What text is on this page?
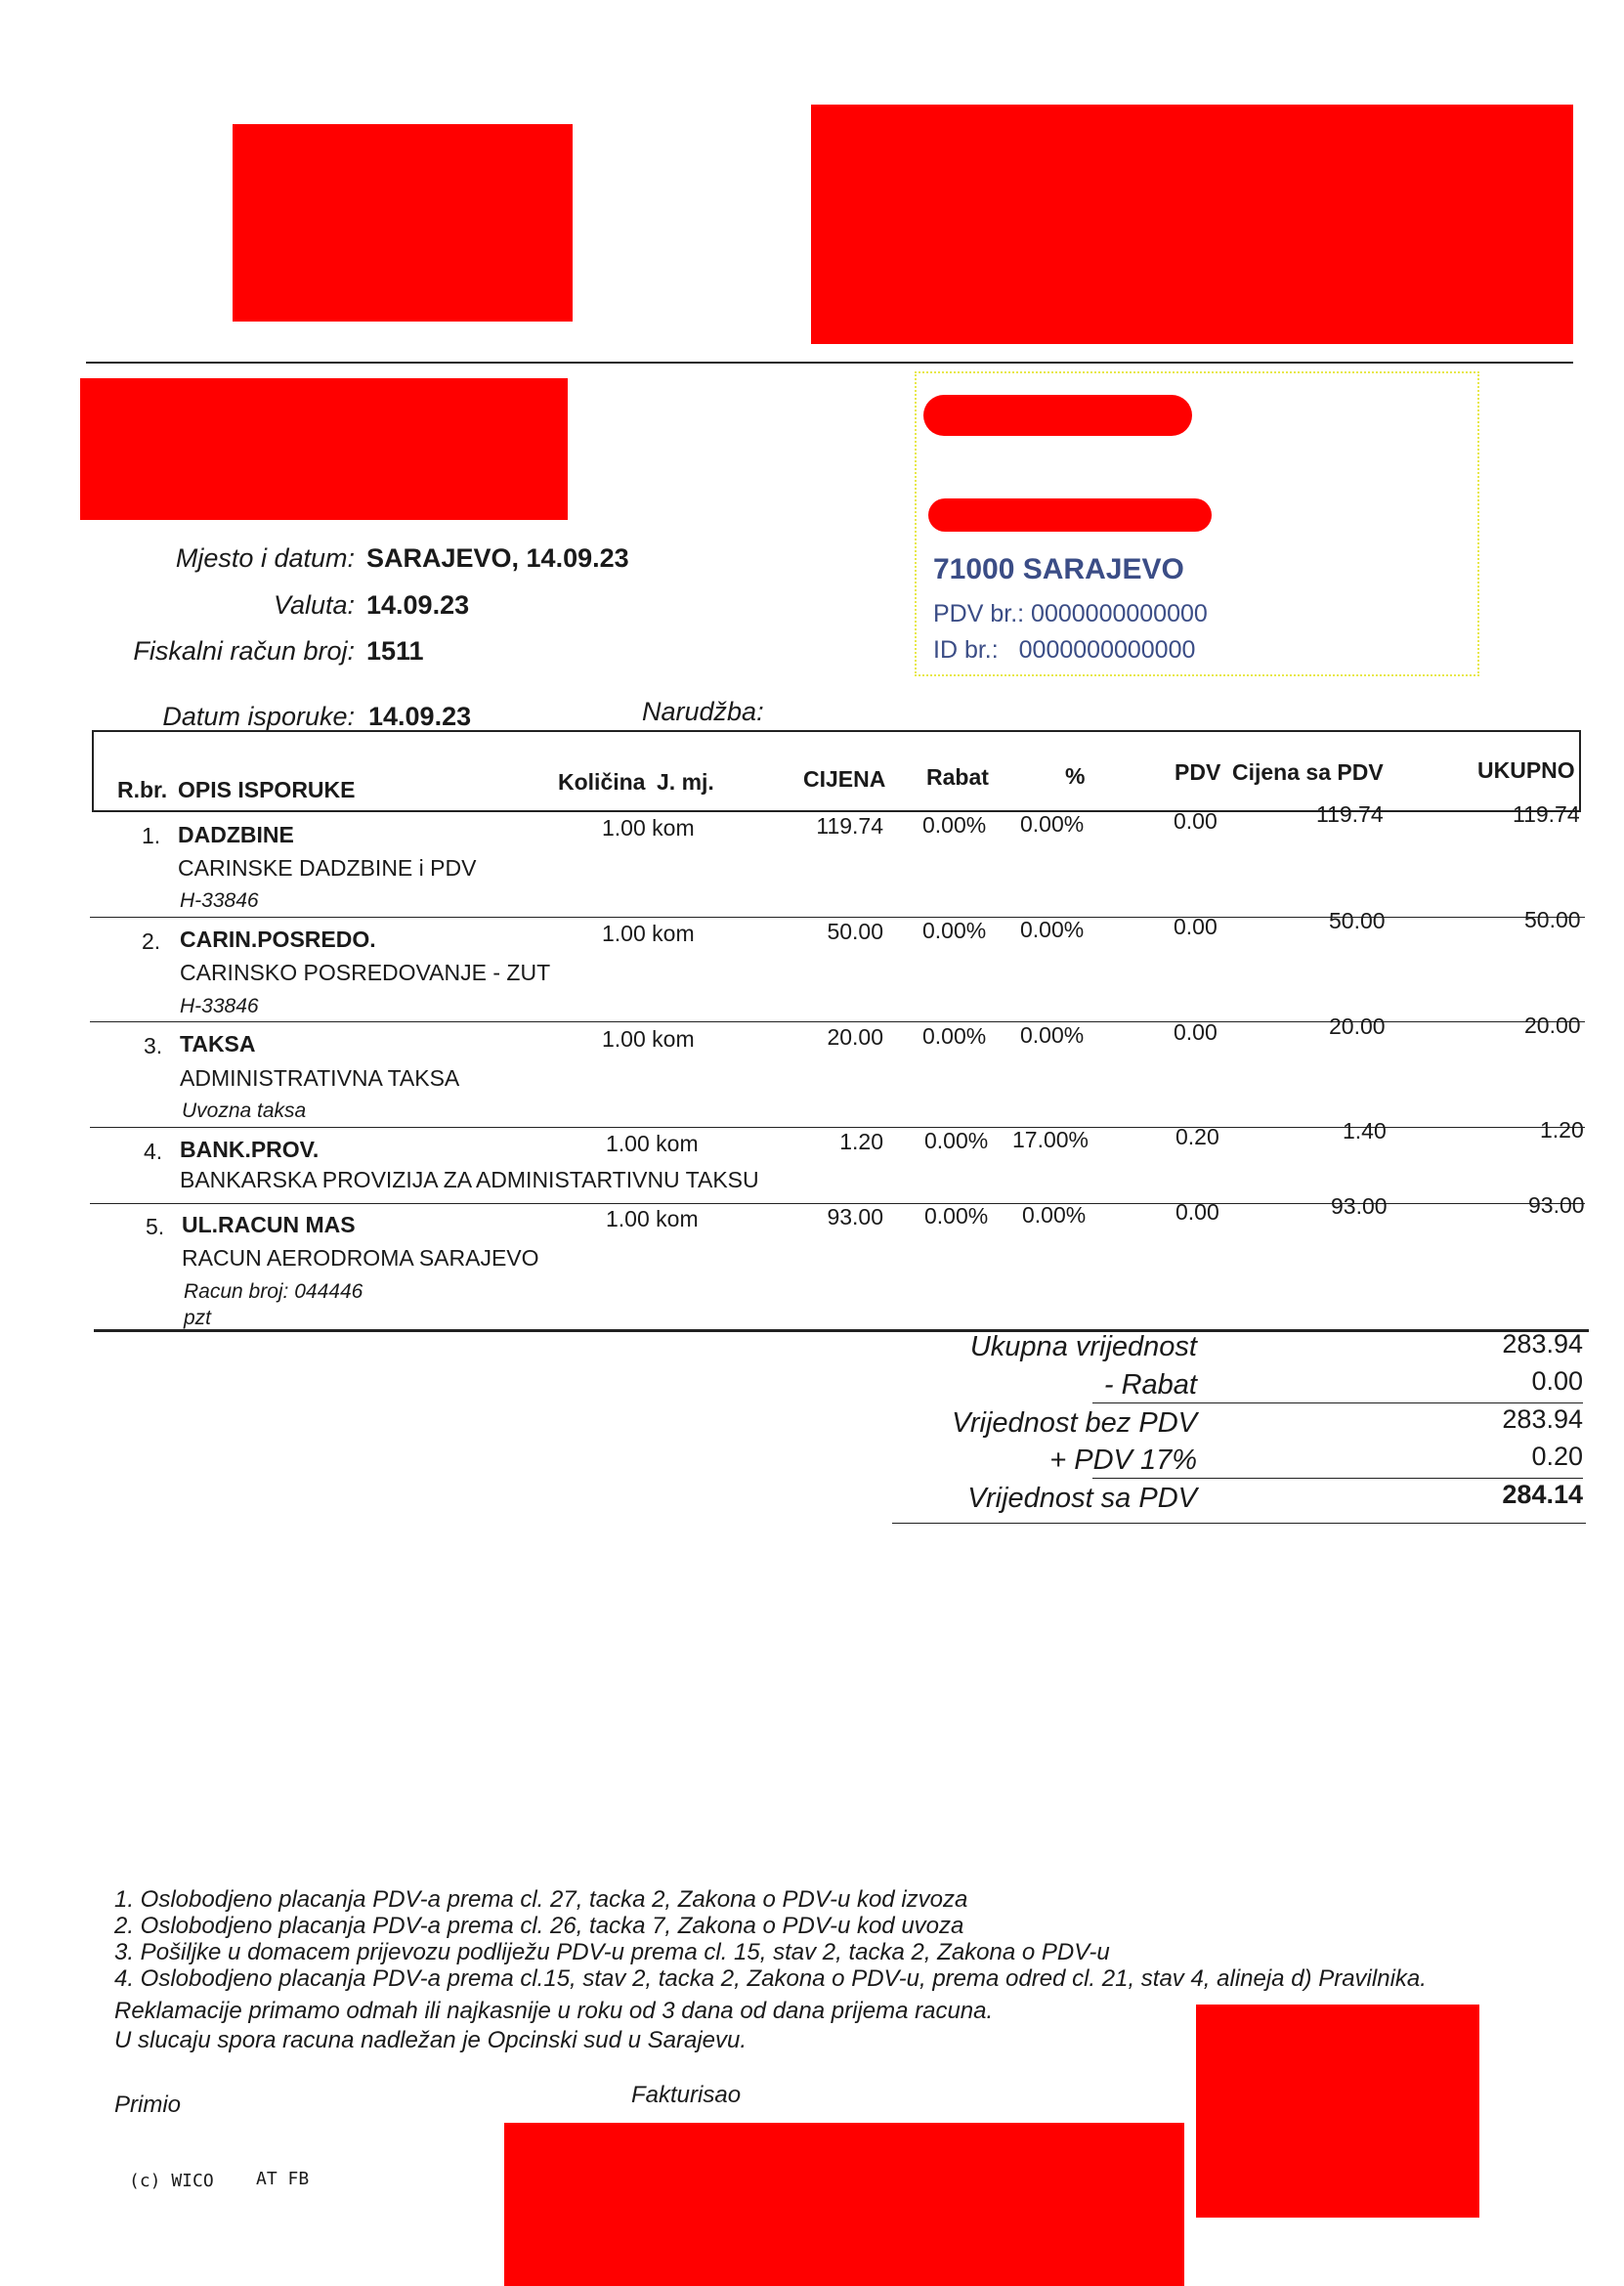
Mjesto i datum: SARAJEVO, 14.09.23
Valuta: 14.09.23
Fiskalni račun broj: 1511
Datum isporuke: 14.09.23	Narudžba:
71000 SARAJEVO
PDV br.: 0000000000000
ID br.: 0000000000000
R.br. OPIS ISPORUKE	Količina J. mj.	CIJENA Rabat	%	PDV Cijena sa PDV	UKUPNO
1. DADZBINE
CARINSKE DADZBINE i PDV
H-33846
1.00 kom	119.74 0.00% 0.00%	0.00	119.74	119.74
2. CARIN.POSREDO.
CARINSKO POSREDOVANJE - ZUT
H-33846
1.00 kom	50.00 0.00% 0.00%	0.00	50.00	50.00
3. TAKSA
ADMINISTRATIVNA TAKSA
Uvozna taksa
1.00 kom	20.00 0.00% 0.00%	0.00	20.00	20.00
4. BANK.PROV.
BANKARSKA PROVIZIJA ZA ADMINISTARTIVNU TAKSU
1.00 kom	1.20 0.00% 17.00%	0.20	1.40	1.20
5. UL.RACUN MAS
RACUN AERODROMA SARAJEVO
Racun broj: 044446
pzt
1.00 kom	93.00 0.00% 0.00%	0.00	93.00	93.00
Ukupna vrijednost	283.94
- Rabat	0.00
Vrijednost bez PDV	283.94
+ PDV 17%	0.20
Vrijednost sa PDV	284.14
1. Oslobodjeno placanja PDV-a prema cl. 27, tacka 2, Zakona o PDV-u kod izvoza
2. Oslobodjeno placanja PDV-a prema cl. 26, tacka 7, Zakona o PDV-u kod uvoza
3. Pošiljke u domacem prijevozu podliježu PDV-u prema cl. 15, stav 2, tacka 2, Zakona o PDV-u
4. Oslobodjeno placanja PDV-a prema cl.15, stav 2, tacka 2, Zakona o PDV-u, prema odred cl. 21, stav 4, alineja d) Pravilnika.
Reklamacije primamo odmah ili najkasnije u roku od 3 dana od dana prijema racuna.
U slucaju spora racuna nadležan je Opcinski sud u Sarajevu.
Primio	Fakturisao
(c) WICO AT FB
